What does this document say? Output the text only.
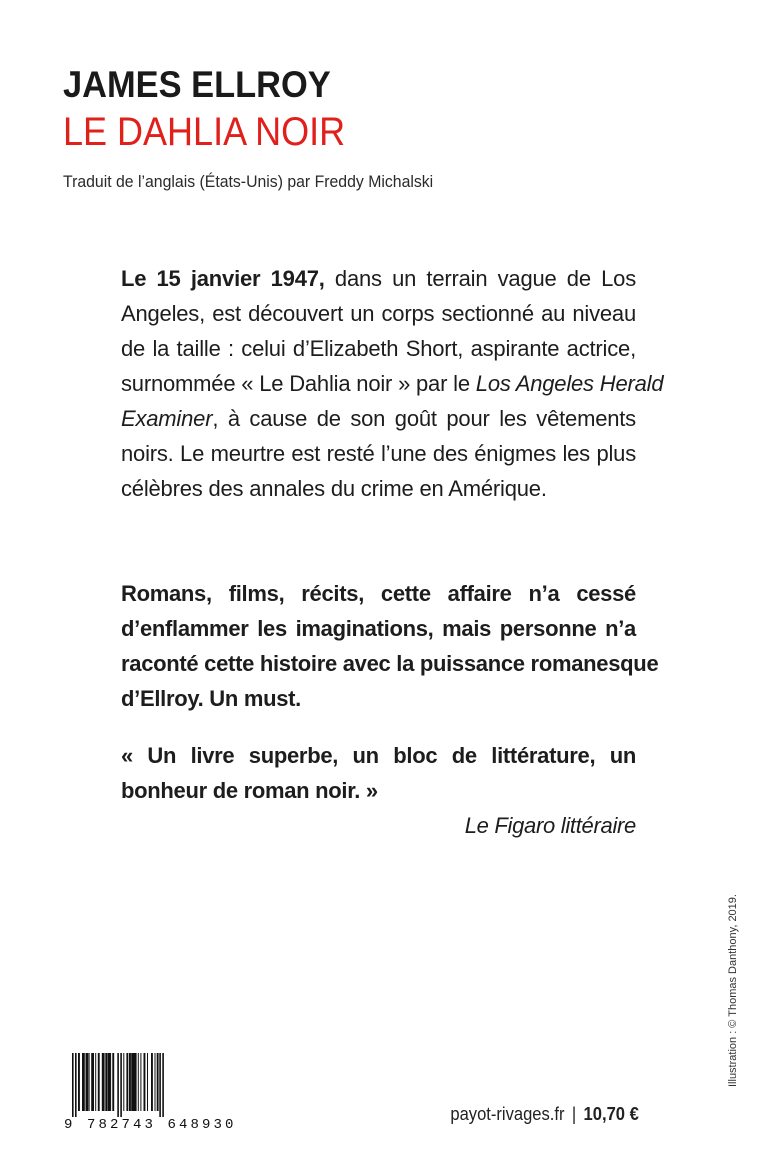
JAMES ELLROY
LE DAHLIA NOIR
Traduit de l’anglais (États-Unis) par Freddy Michalski
Le 15 janvier 1947, dans un terrain vague de Los
Angeles, est découvert un corps sectionné au niveau
de la taille : celui d’Elizabeth Short, aspirante actrice,
surnommée « Le Dahlia noir » par le Los Angeles Herald
Examiner, à cause de son goût pour les vêtements
noirs. Le meurtre est resté l’une des énigmes les plus
célèbres des annales du crime en Amérique.
Romans, films, récits, cette affaire n’a cessé
d’enflammer les imaginations, mais personne n’a
raconté cette histoire avec la puissance romanesque
d’Ellroy. Un must.
« Un livre superbe, un bloc de littérature, un
bonheur de roman noir. »
Le Figaro littéraire
Illustration : © Thomas Danthony, 2019.
9 782743 648930
payot-rivages.fr | 10,70 €
